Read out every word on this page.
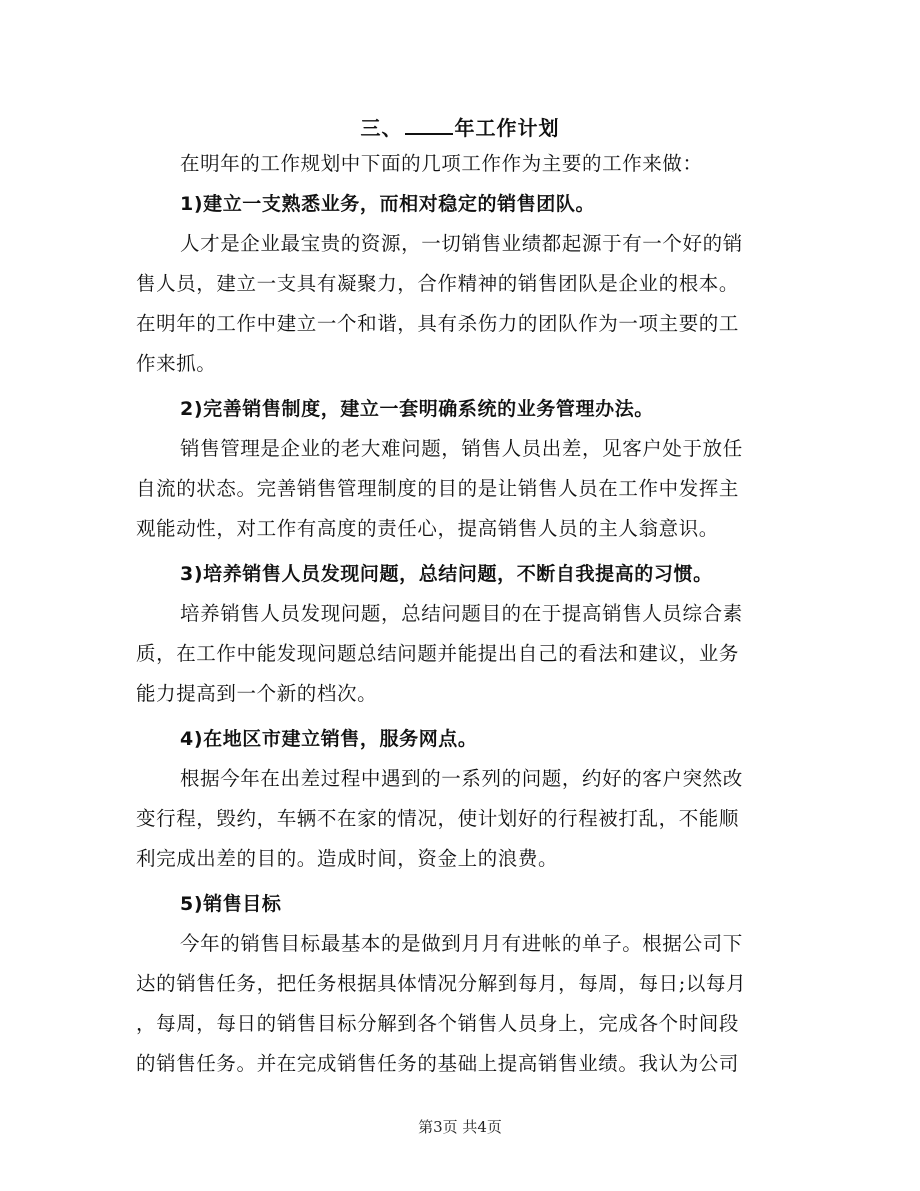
三、	年工作计划
在明年的工作规划中下面的几项工作作为主要的工作来做：
1)建立一支熟悉业务，而相对稳定的销售团队。
人才是企业最宝贵的资源，一切销售业绩都起源于有一个好的销
售人员，建立一支具有凝聚力，合作精神的销售团队是企业的根本。
在明年的工作中建立一个和谐，具有杀伤力的团队作为一项主要的工
作来抓。
2)完善销售制度，建立一套明确系统的业务管理办法。
销售管理是企业的老大难问题，销售人员出差，见客户处于放任
自流的状态。完善销售管理制度的目的是让销售人员在工作中发挥主
观能动性，对工作有高度的责任心，提高销售人员的主人翁意识。
3)培养销售人员发现问题，总结问题，不断自我提高的习惯。
培养销售人员发现问题，总结问题目的在于提高销售人员综合素
质，在工作中能发现问题总结问题并能提出自己的看法和建议，业务
能力提高到一个新的档次。
4)在地区市建立销售，服务网点。
根据今年在出差过程中遇到的一系列的问题，约好的客户突然改
变行程，毁约，车辆不在家的情况，使计划好的行程被打乱，不能顺
利完成出差的目的。造成时间，资金上的浪费。
5)销售目标
今年的销售目标最基本的是做到月月有进帐的单子。根据公司下
达的销售任务，把任务根据具体情况分解到每月，每周，每日;以每月
，每周，每日的销售目标分解到各个销售人员身上，完成各个时间段
的销售任务。并在完成销售任务的基础上提高销售业绩。我认为公司
第3页 共4页
